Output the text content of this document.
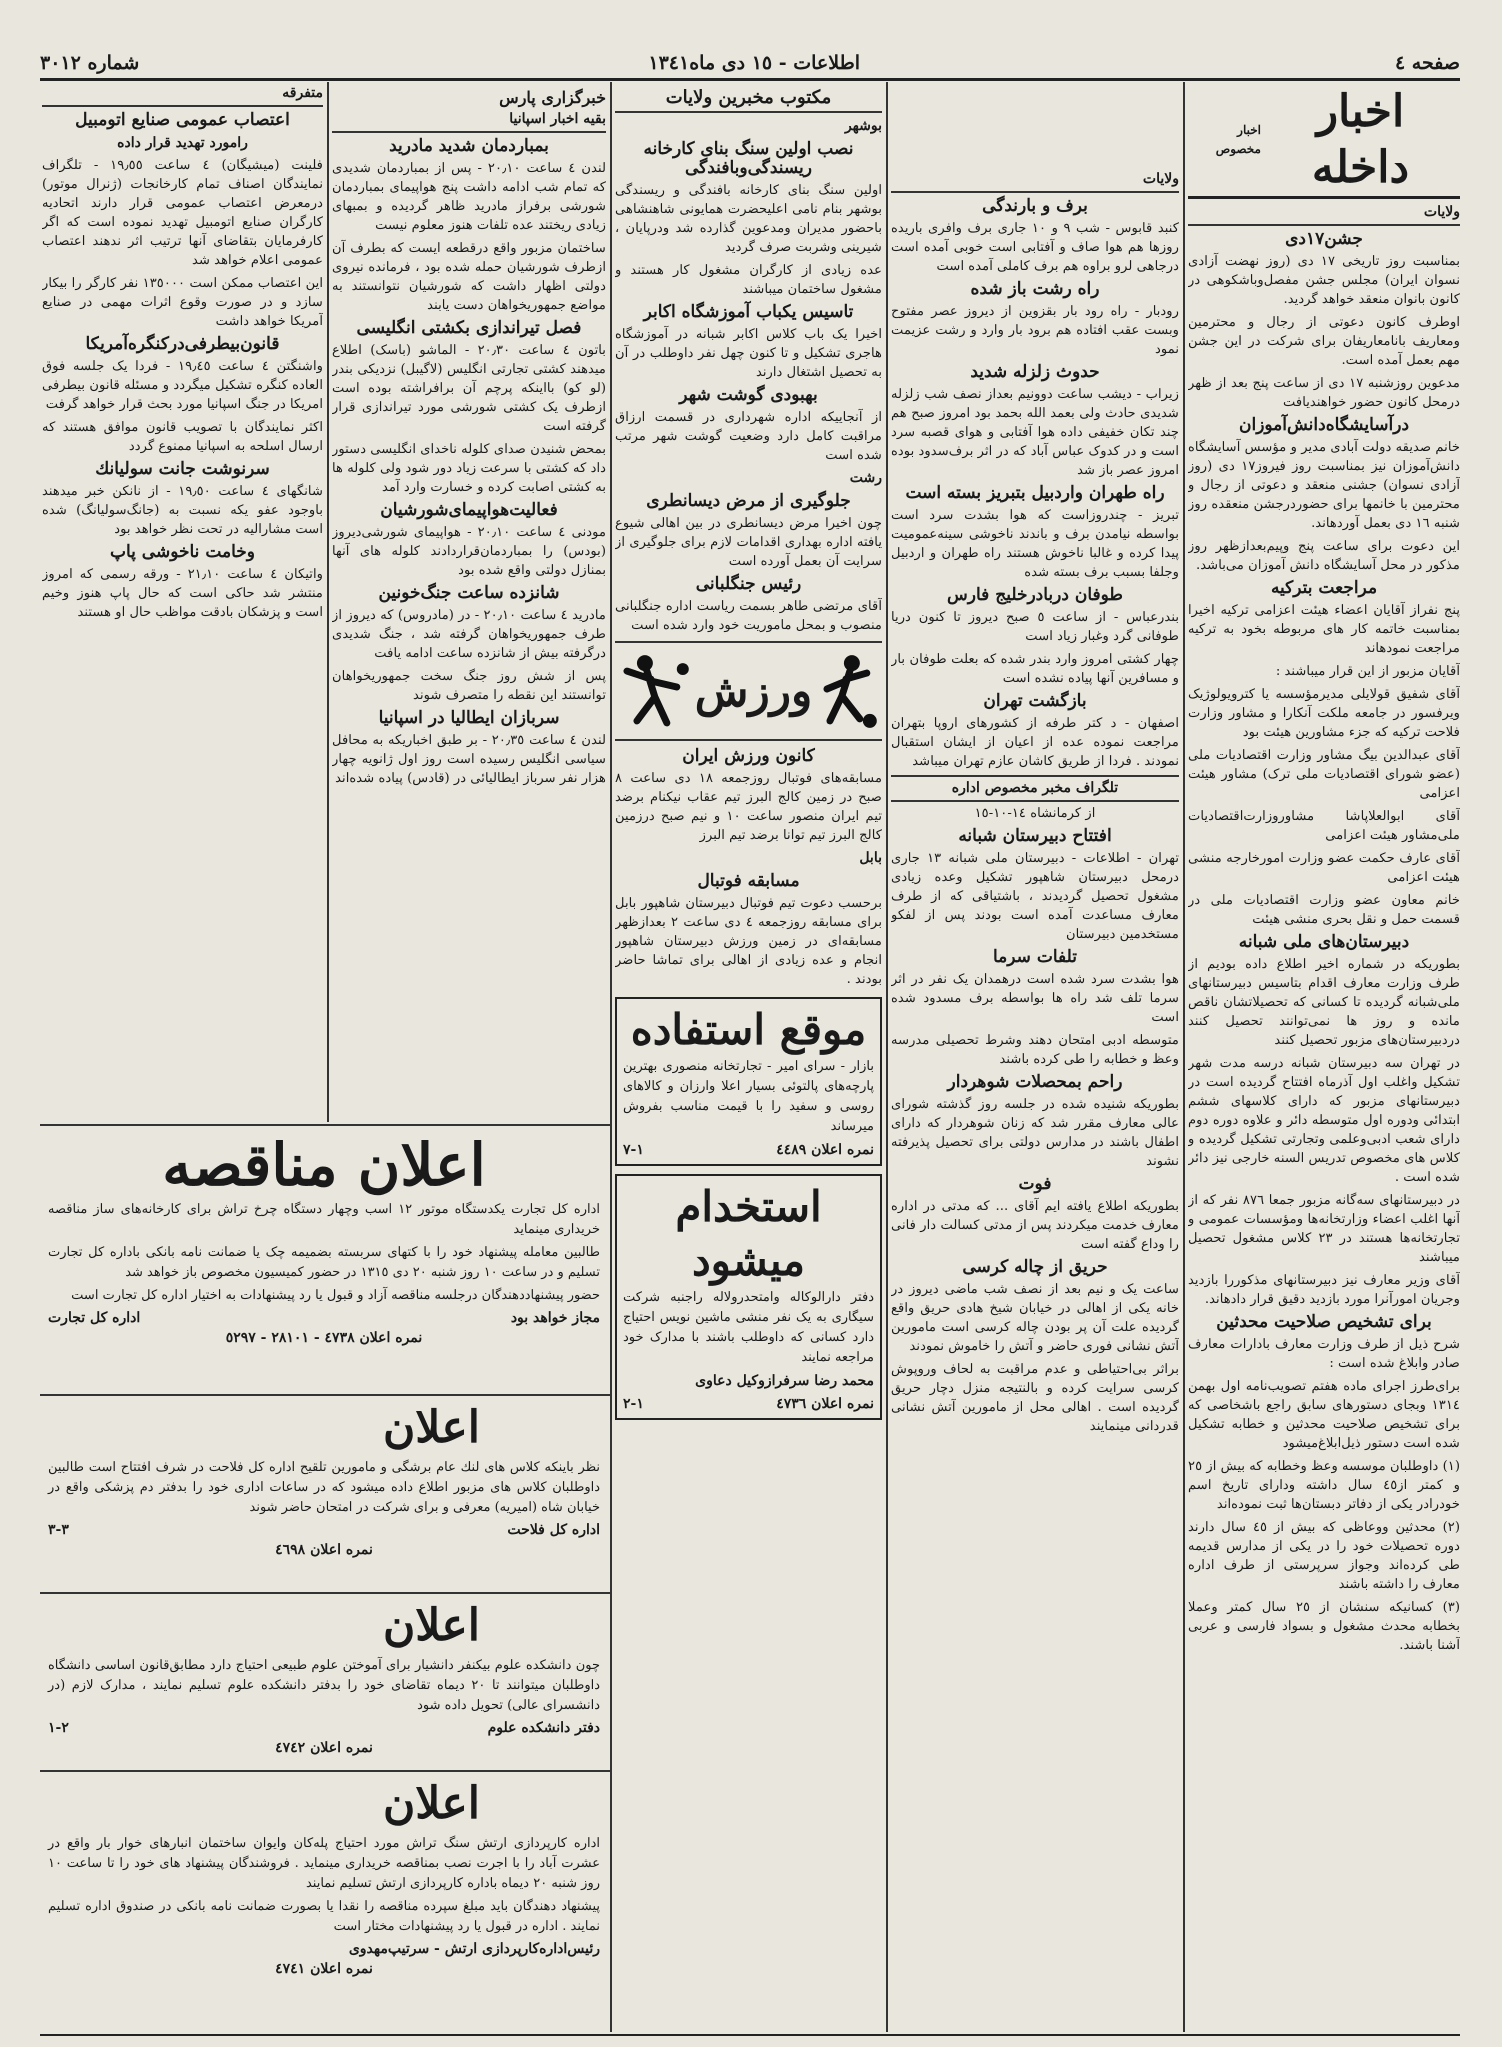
صفحه ٤
اطلاعات - ١٥ دی ماه١٣٤١
شماره ٣٠١٢
اخبار داخله
اخبار مخصوص
ولایات
جشن١٧دی

بمناسبت روز تاریخی ١٧ دی (روز نهضت آزادی نسوان ایران) مجلس جشن مفصل‌وباشکوهی در کانون بانوان منعقد خواهد گردید.

اوطرف کانون دعوتی از رجال و محترمین ومعاریف بانامعاریفان برای شرکت در این جشن مهم بعمل آمده است.

مدعوین روزشنبه ١٧ دی از ساعت پنج بعد از ظهر درمحل کانون حضور خواهندیافت

درآسایشگاه‌دانش‌آموزان

خانم صدیقه دولت آبادی مدیر و مؤسس آسایشگاه دانش‌آموزان نیز بمناسبت روز فیروز١٧ دی (روز آزادی نسوان) جشنی منعقد و دعوتی از رجال و محترمین با خانمها برای حضوردرجشن منعقده روز شنبه ١٦ دی بعمل آوردهاند.

این دعوت برای ساعت پنج وپیم‌بعدازظهر روز مذکور در محل آسایشگاه دانش آموزان می‌باشد.

مراجعت بتركيه

پنج نفراز آقایان اعضاء هیئت اعزامی ترکیه اخیرا بمناسبت خاتمه کار های مربوطه بخود به ترکیه مراجعت نمودهاند

آقایان مزبور از این قرار میباشند :

آقای شفیق قولایلی مدیرمؤسسه یا کترویولوژیک ویرفسور در جامعه ملکت آنکارا و مشاور وزارت فلاحت ترکیه که جزء مشاورین هیئت بود

آقای عبدالدین بیگ مشاور وزارت اقتصادیات ملی (عضو شورای اقتصادیات ملی ترک) مشاور هیئت اعزامی

آقای ابوالعلاپاشا مشاوروزارت‌اقتصادیات ملی‌مشاور هیئت اعزامی

آقای عارف حکمت عضو وزارت امورخارجه منشی هیئت اعزامی

خانم معاون عضو وزارت اقتصادیات ملی در قسمت حمل و نقل بحری منشی هیئت

دبیرستان‌های ملی شبانه

بطوریکه در شماره اخیر اطلاع داده بودیم از طرف وزارت معارف اقدام بتاسیس دبیرستانهای ملی‌شبانه گردیده تا کسانی که تحصیلاتشان ناقص مانده و روز ها نمی‌توانند تحصیل کنند دردبیرستان‌های مزبور تحصیل کنند

در تهران سه دبیرستان شبانه درسه مدت شهر تشکیل واغلب اول آذرماه افتتاح گردیده است در دبیرستانهای مزبور که دارای کلاسهای ششم ابتدائی ودوره اول متوسطه دائر و علاوه دوره دوم دارای شعب ادبی‌وعلمی وتجارتی تشکیل گردیده و کلاس های مخصوص تدریس السنه خارجی نیز دائر شده است .

در دبیرستانهای سه‌گانه مزبور جمعا ٨٧٦ نفر که از آنها اغلب اعضاء وزارتخانه‌ها ومؤسسات عمومی و تجارتخانه‌ها هستند در ٢٣ کلاس مشغول تحصیل میباشند

آقای وزیر معارف نیز دبیرستانهای مذکوررا بازدید وجریان امورآنرا مورد بازدید دقیق قرار دادهاند.

برای تشخیص صلاحیت محدثین

شرح ذیل از طرف وزارت معارف بادارات معارف صادر وابلاغ شده است :

برای‌طرز اجرای ماده هفتم تصویب‌نامه اول بهمن ١٣١٤ وبجای دستورهای سابق راجع باشخاصی که برای تشخیص صلاحیت محدثین و خطابه تشکیل شده است دستور ذیل‌ابلاغ‌میشود

(١) داوطلبان موسسه وعظ وخطابه که بیش از ٢٥ و کمتر از٤٥ سال داشته ودارای تاریخ اسم خودرادر یکی از دفاتر دبستان‌ها ثبت نموده‌اند

(٢) محدثین ووعاظی که بیش از ٤٥ سال دارند دوره تحصیلات خود را در یکی از مدارس قدیمه طی کرده‌اند وجواز سرپرستی از طرف اداره معارف را داشته باشند

(٣) کسانیکه سنشان از ٢٥ سال کمتر وعملا بخطابه محدث مشغول و بسواد فارسی و عربی آشنا باشند.

ولایات
برف و بارندگی

کنبد قابوس - شب ۹ و ١٠ جاری برف وافری باریده روزها هم هوا صاف و آفتابی است خوبی آمده است درجاهی لرو براوه هم برف کاملی آمده است

راه رشت باز شده

رودبار - راه رود بار بقزوین از دیروز عصر مفتوح وبست عقب افتاده هم برود بار وارد و رشت عزیمت نمود

حدوث زلزله شدید

زیراب - دیشب ساعت دوونیم بعداز نصف شب زلزله شدیدی حادث ولی بعمد الله بحمد بود امروز صبح هم چند تکان خفیفی داده هوا آفتابی و هوای قصبه سرد است و در کدوک عباس آباد که در اثر برف‌سدود بوده امروز عصر باز شد

راه طهران واردبیل بتبریز بسته است

تبریز - چندروزاست که هوا بشدت سرد است بواسطه نیامدن برف و باندند ناخوشی سینه‌عمومیت پیدا کرده و غالبا ناخوش هستند راه طهران و اردبیل وجلفا بسبب برف بسته شده

طوفان دربادرخلیج فارس

بندرعباس - از ساعت ٥ صبح دیروز تا کنون دریا طوفانی گرد وغبار زیاد است

چهار کشتی امروز وارد بندر شده که بعلت طوفان بار و مسافرین آنها پیاده نشده است

بازگشت تهران

اصفهان - د کتر طرفه از کشورهای اروپا بتهران مراجعت نموده عده از اعیان از ایشان استقبال نمودند . فردا از طریق کاشان عازم تهران میباشد

تلگراف مخبر مخصوص اداره

از کرمانشاه ١٤-١٠-١٥

افتتاح دبیرستان شبانه

تهران - اطلاعات - دبیرستان ملی شبانه ١٣ جاری درمحل دبیرستان شاهپور تشکیل وعده زیادی مشغول تحصیل گردیدند ، باشتیاقی که از طرف معارف مساعدت آمده است بودند پس از لفکو مستخدمین دبیرستان

تلفات سرما

هوا بشدت سرد شده است درهمدان یک نفر در اثر سرما تلف شد راه ها بواسطه برف مسدود شده است

متوسطه ادبی امتحان دهند وشرط تحصیلی مدرسه وعظ و خطابه را طی کرده باشند

راحم بمحصلات شوهردار

بطوریکه شنیده شده در جلسه روز گذشته شورای عالی معارف مقرر شد که زنان شوهردار که دارای اطفال باشند در مدارس دولتی برای تحصیل پذیرفته نشوند

فوت

بطوریکه اطلاع یافته ایم آقای ... که مدتی در اداره معارف خدمت میکردند پس از مدتی کسالت دار فانی را وداع گفته است

حریق از چاله کرسی

ساعت یک و نیم بعد از نصف شب ماضی دیروز در خانه یکی از اهالی در خیابان شیخ هادی حریق واقع گردیده علت آن پر بودن چاله کرسی است مامورین آتش نشانی فوری حاضر و آتش را خاموش نمودند

براثر بی‌احتیاطی و عدم مراقبت به لحاف وروپوش کرسی سرایت کرده و بالنتیجه منزل دچار حریق گردیده است . اهالی محل از مامورین آتش نشانی قدردانی مینمایند

مکتوب مخبرین ولایات
بوشهر
نصب اولین سنگ بنای کارخانه ریسندگی‌وبافندگی

اولین سنگ بنای کارخانه بافندگی و ریسندگی بوشهر بنام نامی اعلیحضرت همایونی شاهنشاهی باحضور مدیران ومدعوین گذارده شد ودرپایان ، شیرینی وشربت صرف گردید

عده زیادی از کارگران مشغول کار هستند و مشغول ساختمان میباشند

تاسیس یکباب آموزشگاه اکابر

اخیرا یک باب کلاس اکابر شبانه در آموزشگاه هاجری تشکیل و تا کنون چهل نفر داوطلب در آن به تحصیل اشتغال دارند

بهبودی گوشت شهر

از آنجاییکه اداره شهرداری در قسمت ارزاق مراقبت کامل دارد وضعیت گوشت شهر مرتب شده است

رشت
جلوگیری از مرض دیسانطری

چون اخیرا مرض دیسانطری در بین اهالی شیوع یافته اداره بهداری اقدامات لازم برای جلوگیری از سرایت آن بعمل آورده است

رئیس جنگلبانی

آقای مرتضی طاهر بسمت ریاست اداره جنگلبانی منصوب و بمحل ماموریت خود وارد شده است

ورزش
کانون ورزش ایران

مسابقه‌های فوتبال روزجمعه ١٨ دی ساعت ٨ صبح در زمین کالج البرز تیم عقاب نیکنام برضد تیم ایران منصور ساعت ١٠ و نیم صبح درزمین کالج البرز تیم توانا برضد تیم البرز

بابل
مسابقه فوتبال

برحسب دعوت تیم فوتبال دبیرستان شاهپور بابل برای مسابقه روزجمعه ٤ دی ساعت ٢ بعدازظهر مسابقه‌ای در زمین ورزش دبیرستان شاهپور انجام و عده زیادی از اهالی برای تماشا حاضر بودند .

موقع استفاده

بازار - سرای امیر - تجارتخانه منصوری بهترین پارچه‌های پالتوئی بسیار اعلا وارزان و کالاهای روسی و سفید را با قیمت مناسب بفروش میرساند

نمره اعلان ٤٤٨٩
١-٧
استخدام میشود

دفتر دارالوکاله وامتحدرولاله راجنبه شرکت سیگاری به یک نفر منشی ماشین نویس احتیاج دارد کسانی که داوطلب باشند با مدارک خود مراجعه نمایند

محمد رضا سرفرازوکیل دعاوی
نمره اعلان ٤٧٣٦
١-٢
خبرگزاری پارس
بقیه اخبار اسپانیا
بمباردمان شدید مادرید

لندن ٤ ساعت ٢٠٫١٠ - پس از بمباردمان شدیدی که تمام شب ادامه داشت پنج هواپیمای بمباردمان شورشی برفراز مادرید ظاهر گردیده و بمبهای زیادی ریختند عده تلفات هنوز معلوم نیست

ساختمان مزبور واقع درقطعه ایست که بطرف آن ازطرف شورشیان حمله شده بود ، فرمانده نیروی دولتی اظهار داشت که شورشیان نتوانستند به مواضع جمهوریخواهان دست یابند

فصل تیراندازی بکشتی انگلیسی

باتون ٤ ساعت ٢٠٫٣٠ - الماشو (باسک) اطلاع میدهند کشتی تجارتی انگلیس (لاگیبل) نزدیکی بندر (لو کو) بااینکه پرچم آن برافراشته بوده است ازطرف یک کشتی شورشی مورد تیراندازی قرار گرفته است

بمحض شنیدن صدای کلوله ناخدای انگلیسی دستور داد که کشتی با سرعت زیاد دور شود ولی کلوله ها به کشتی اصابت کرده و خسارت وارد آمد

فعالیت‌هواپیمای‌شورشیان

مودنی ٤ ساعت ٢٠٫١٠ - هواپیمای شورشی‌دیروز (بودس) را بمباردمان‌قراردادند کلوله های آنها بمنازل دولتی واقع شده بود

شانزده ساعت جنگ‌خونین

مادرید ٤ ساعت ٢٠٫١٠ - در (مادروس) که دیروز از طرف جمهوریخواهان گرفته شد ، جنگ شدیدی درگرفته بیش از شانزده ساعت ادامه یافت

پس از شش روز جنگ سخت جمهوریخواهان توانستند این نقطه را متصرف شوند

سربازان ایطالیا در اسپانیا

لندن ٤ ساعت ٢٠٫٣٥ - بر طبق اخباریکه به محافل سیاسی انگلیس رسیده است روز اول ژانویه چهار هزار نفر سرباز ایطالیائی در (قادس) پیاده شده‌اند

متفرقه
اعتصاب عمومی صنایع اتومبیل
رامورد تهدید قرار داده

فلینت (میشیگان) ٤ ساعت ١٩٫٥٥ - تلگراف نمایندگان اصناف تمام کارخانجات (ژنرال موتور) درمعرض اعتصاب عمومی قرار دارند اتحادیه کارگران صنایع اتومبیل تهدید نموده است که اگر کارفرمایان بتقاضای آنها ترتیب اثر ندهند اعتصاب عمومی اعلام خواهد شد

این اعتصاب ممکن است ١٣٥٠٠٠ نفر کارگر را بیکار سازد و در صورت وقوع اثرات مهمی در صنایع آمریکا خواهد داشت

قانون‌بیطرفی‌در‌کنگره‌آمریکا

واشنگتن ٤ ساعت ١٩٫٤٥ - فردا یک جلسه فوق العاده کنگره تشکیل میگردد و مسئله قانون بیطرفی امریکا در جنگ اسپانیا مورد بحث قرار خواهد گرفت

اکثر نمایندگان با تصویب قانون موافق هستند که ارسال اسلحه به اسپانیا ممنوع گردد

سرنوشت جانت سولیانك

شانگهای ٤ ساعت ١٩٫٥٠ - از نانکن خبر میدهند باوجود عفو یکه نسبت به (جانگ‌سولیانگ) شده است مشارالیه در تحت نظر خواهد بود

وخامت ناخوشی پاپ

واتیکان ٤ ساعت ٢١٫١٠ - ورقه رسمی که امروز منتشر شد حاکی است که حال پاپ هنوز وخیم است و پزشکان بادقت مواظب حال او هستند

اعلان مناقصه

اداره کل تجارت یکدستگاه موتور ١٢ اسب وچهار دستگاه چرخ تراش برای کارخانه‌های ساز مناقصه خریداری مینماید

طالبین معامله پیشنهاد خود را با کتهای سربسته بضمیمه چک یا ضمانت نامه بانکی باداره کل تجارت تسلیم و در ساعت ١٠ روز شنبه ٢٠ دی ١٣١٥ در حضور کمیسیون مخصوص باز خواهد شد

حضور پیشنهاددهندگان درجلسه مناقصه آزاد و قبول یا رد پیشنهادات به اختیار اداره کل تجارت است

مجاز خواهد بود
اداره کل تجارت
نمره اعلان ٤٧٣٨ - ٢٨١٠١ - ٥٢٩٧
اعلان

نظر باینکه کلاس های لنك عام برشگی و مامورین تلقیح اداره کل فلاحت در شرف افتتاح است طالبین داوطلبان کلاس های مزبور اطلاع داده میشود که در ساعات اداری خود را بدفتر دم پزشکی واقع در خیابان شاه (امیریه) معرفی و برای شرکت در امتحان حاضر شوند

اداره کل فلاحت
٣-٣
نمره اعلان ٤٦٩٨
اعلان

چون دانشکده علوم بیکنفر دانشیار برای آموختن علوم طبیعی احتیاج دارد مطابق‌قانون اساسی دانشگاه داوطلبان میتوانند تا ٢٠ دیماه تقاضای خود را بدفتر دانشکده علوم تسلیم نمایند ، مدارک لازم (در دانشسرای عالی) تحویل داده شود

دفتر دانشکده علوم
٢-١
نمره اعلان ٤٧٤٢
اعلان

اداره کارپردازی ارتش سنگ تراش مورد احتیاج پله‌کان وایوان ساختمان انبارهای خوار بار واقع در عشرت آباد را با اجرت نصب بمناقصه خریداری مینماید . فروشندگان پیشنهاد های خود را تا ساعت ١٠ روز شنبه ٢٠ دیماه باداره کارپردازی ارتش تسلیم نمایند

پیشنهاد دهندگان باید مبلغ سپرده مناقصه را نقدا یا بصورت ضمانت نامه بانکی در صندوق اداره تسلیم نمایند . اداره در قبول یا رد پیشنهادات مختار است

رئیس‌اداره‌کارپردازی ارتش - سرتیپ‌مهدوی
نمره اعلان ٤٧٤١
